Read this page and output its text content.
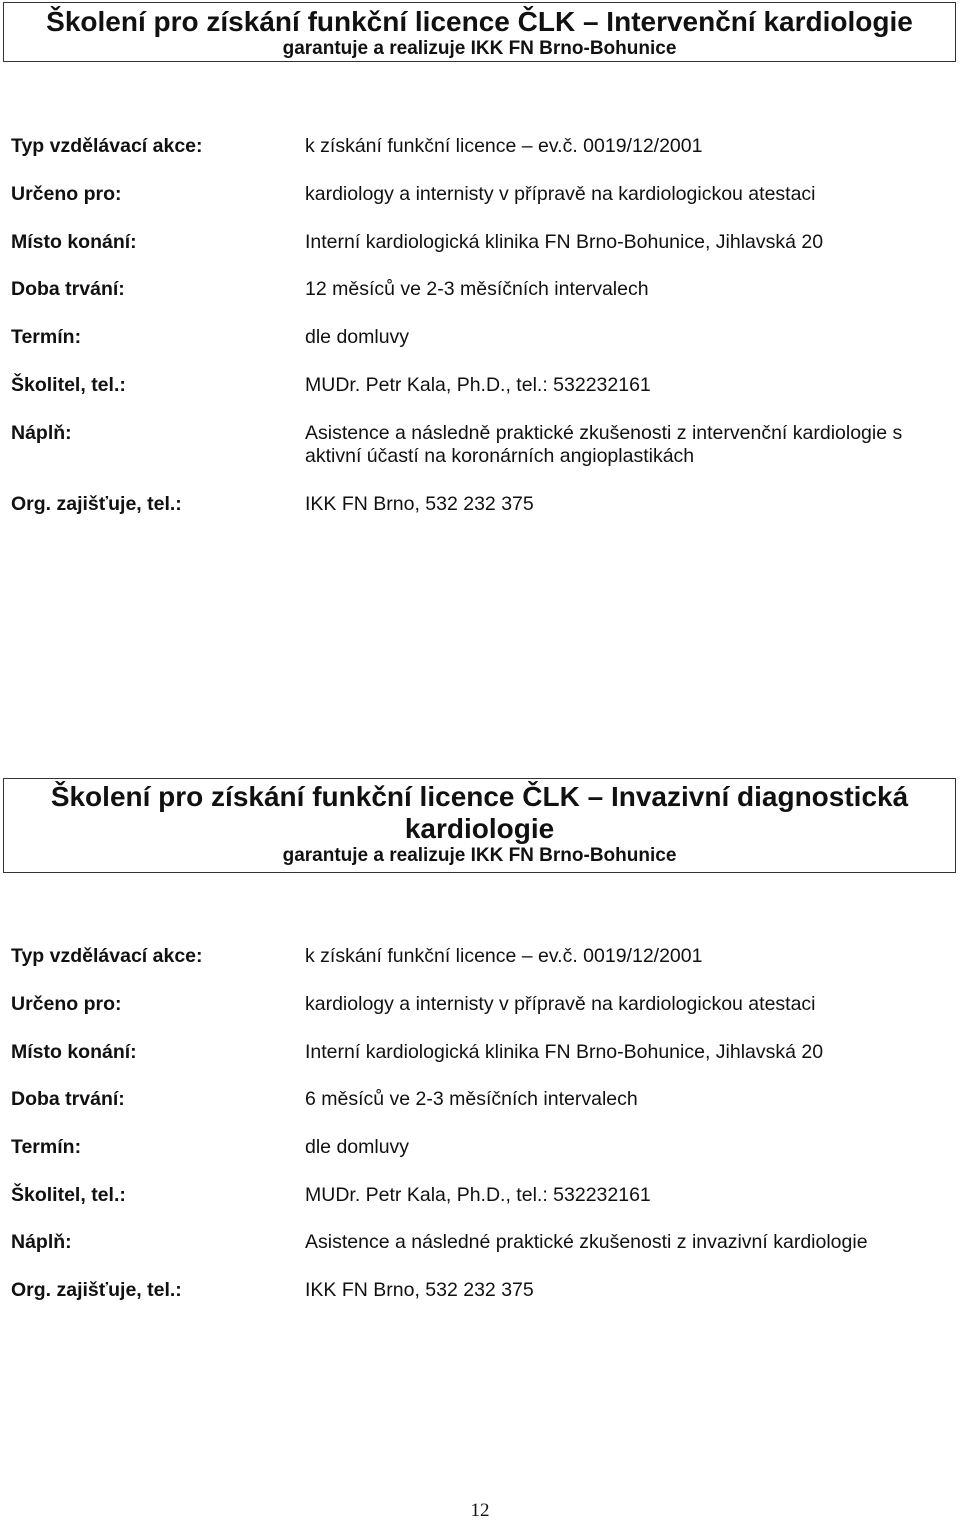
Školení pro získání funkční licence ČLK – Intervenční kardiologie
garantuje a realizuje IKK FN Brno-Bohunice
Typ vzdělávací akce:	k získání funkční licence – ev.č. 0019/12/2001
Určeno pro:	kardiology a internisty v přípravě na kardiologickou atestaci
Místo konání:	Interní kardiologická klinika FN Brno-Bohunice, Jihlavská 20
Doba trvání:	12 měsíců ve 2-3 měsíčních intervalech
Termín:	dle domluvy
Školitel, tel.:	MUDr. Petr Kala, Ph.D., tel.: 532232161
Náplň:	Asistence a následně praktické zkušenosti z intervenční kardiologie s aktivní účastí na koronárních angioplastikách
Org. zajišťuje, tel.:	IKK FN Brno, 532 232 375
Školení pro získání funkční licence ČLK – Invazivní diagnostická kardiologie
garantuje a realizuje IKK FN Brno-Bohunice
Typ vzdělávací akce:	k získání funkční licence – ev.č. 0019/12/2001
Určeno pro:	kardiology a internisty v přípravě na kardiologickou atestaci
Místo konání:	Interní kardiologická klinika FN Brno-Bohunice, Jihlavská 20
Doba trvání:	6 měsíců ve 2-3 měsíčních intervalech
Termín:	dle domluvy
Školitel, tel.:	MUDr. Petr Kala, Ph.D., tel.: 532232161
Náplň:	Asistence a následné praktické zkušenosti z invazivní kardiologie
Org. zajišťuje, tel.:	IKK FN Brno, 532 232 375
12
